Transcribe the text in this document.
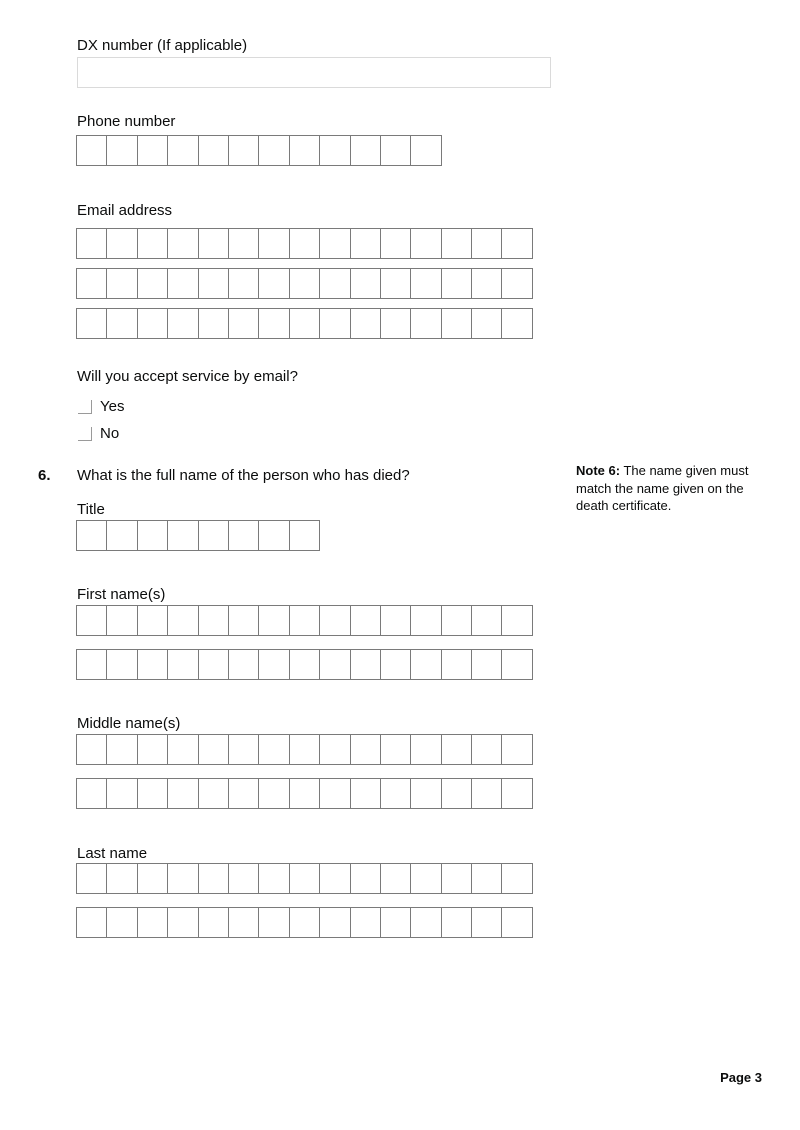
DX number (If applicable)
Phone number
Email address
Will you accept service by email?
Yes
No
6. What is the full name of the person who has died?	Note 6: The name given must match the name given on the death certificate.
Title
First name(s)
Middle name(s)
Last name
Page 3
